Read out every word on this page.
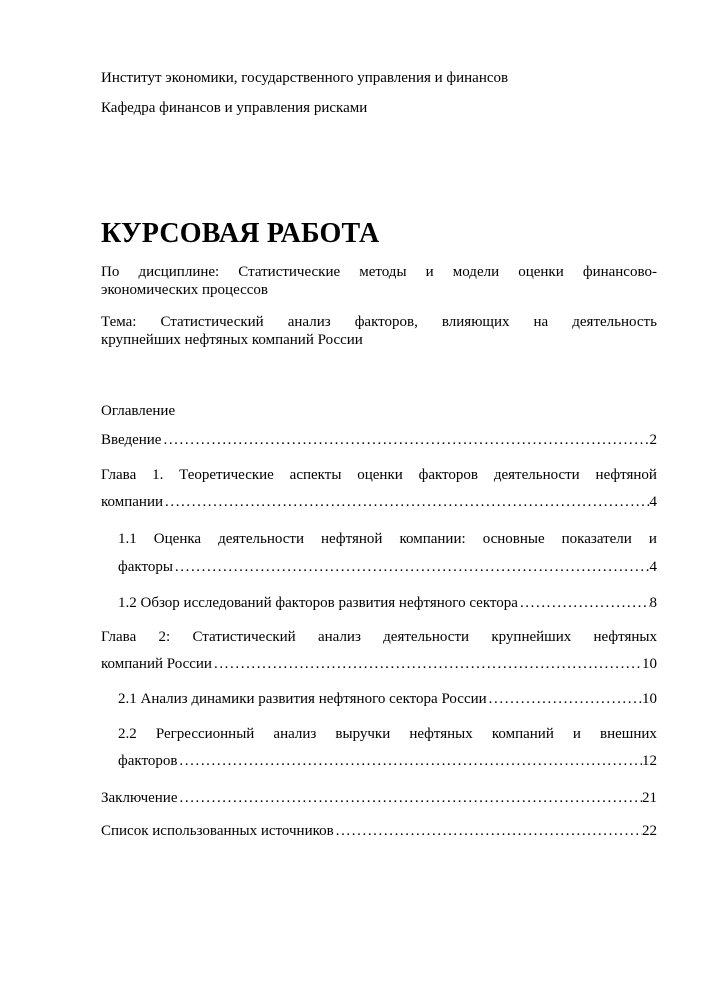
Институт экономики, государственного управления и финансов
Кафедра финансов и управления рисками
КУРСОВАЯ РАБОТА
По дисциплине: Статистические методы и модели оценки финансово-
экономических процессов
Тема: Статистический анализ факторов, влияющих на деятельность
крупнейших нефтяных компаний России
Оглавление
Введение .....	2
Глава 1. Теоретические аспекты оценки факторов деятельности нефтяной
компании .....	4
1.1 Оценка деятельности нефтяной компании: основные показатели и
факторы .....	4
1.2 Обзор исследований факторов развития нефтяного сектора .....	8
Глава 2: Статистический анализ деятельности крупнейших нефтяных
компаний России .....	10
2.1 Анализ динамики развития нефтяного сектора России .....	10
2.2 Регрессионный анализ выручки нефтяных компаний и внешних
факторов .....	12
Заключение .....	21
Список использованных источников .....	22
